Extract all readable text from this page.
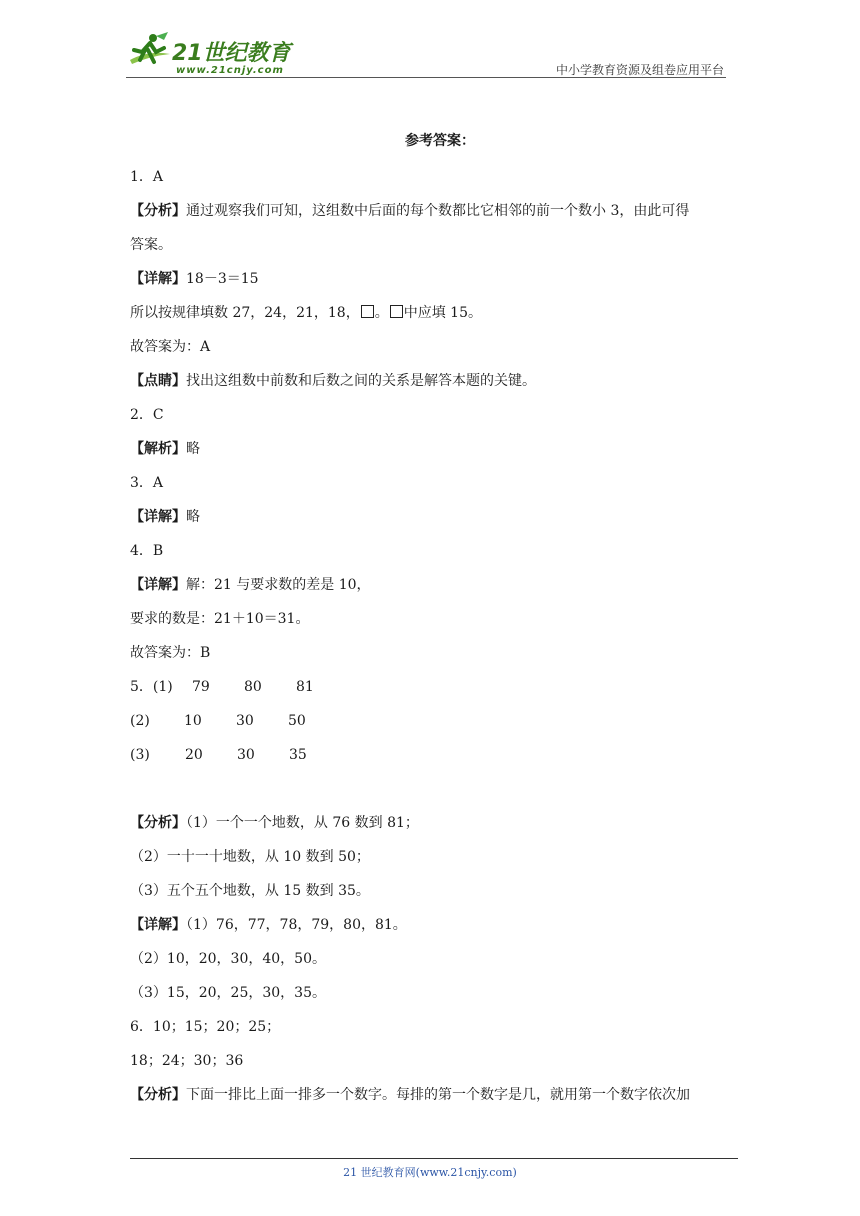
21世纪教育
www.21cnjy.com	中小学教育资源及组卷应用平台
参考答案：
1．A
【分析】通过观察我们可知，这组数中后面的每个数都比它相邻的前一个数小 3，由此可得
答案。
【详解】18－3＝15
所以按规律填数 27，24，21，18， 。 中应填 15。
故答案为：A
【点睛】找出这组数中前数和后数之间的关系是解答本题的关键。
2．C
【解析】略
3．A
【详解】略
4．B
【详解】解：21 与要求数的差是 10，
要求的数是：21＋10＝31。
故答案为：B
5．(1) 79 80 81
(2) 10 30 50
(3)	20 30 35
【分析】（1）一个一个地数，从 76 数到 81；
（2）一十一十地数，从 10 数到 50；
（3）五个五个地数，从 15 数到 35。
【详解】（1）76，77，78，79，80，81。
（2）10，20，30，40，50。
（3）15，20，25，30，35。
6．10；15；20；25；
18；24；30；36
【分析】下面一排比上面一排多一个数字。每排的第一个数字是几，就用第一个数字依次加
21 世纪教育网(www.21cnjy.com)
